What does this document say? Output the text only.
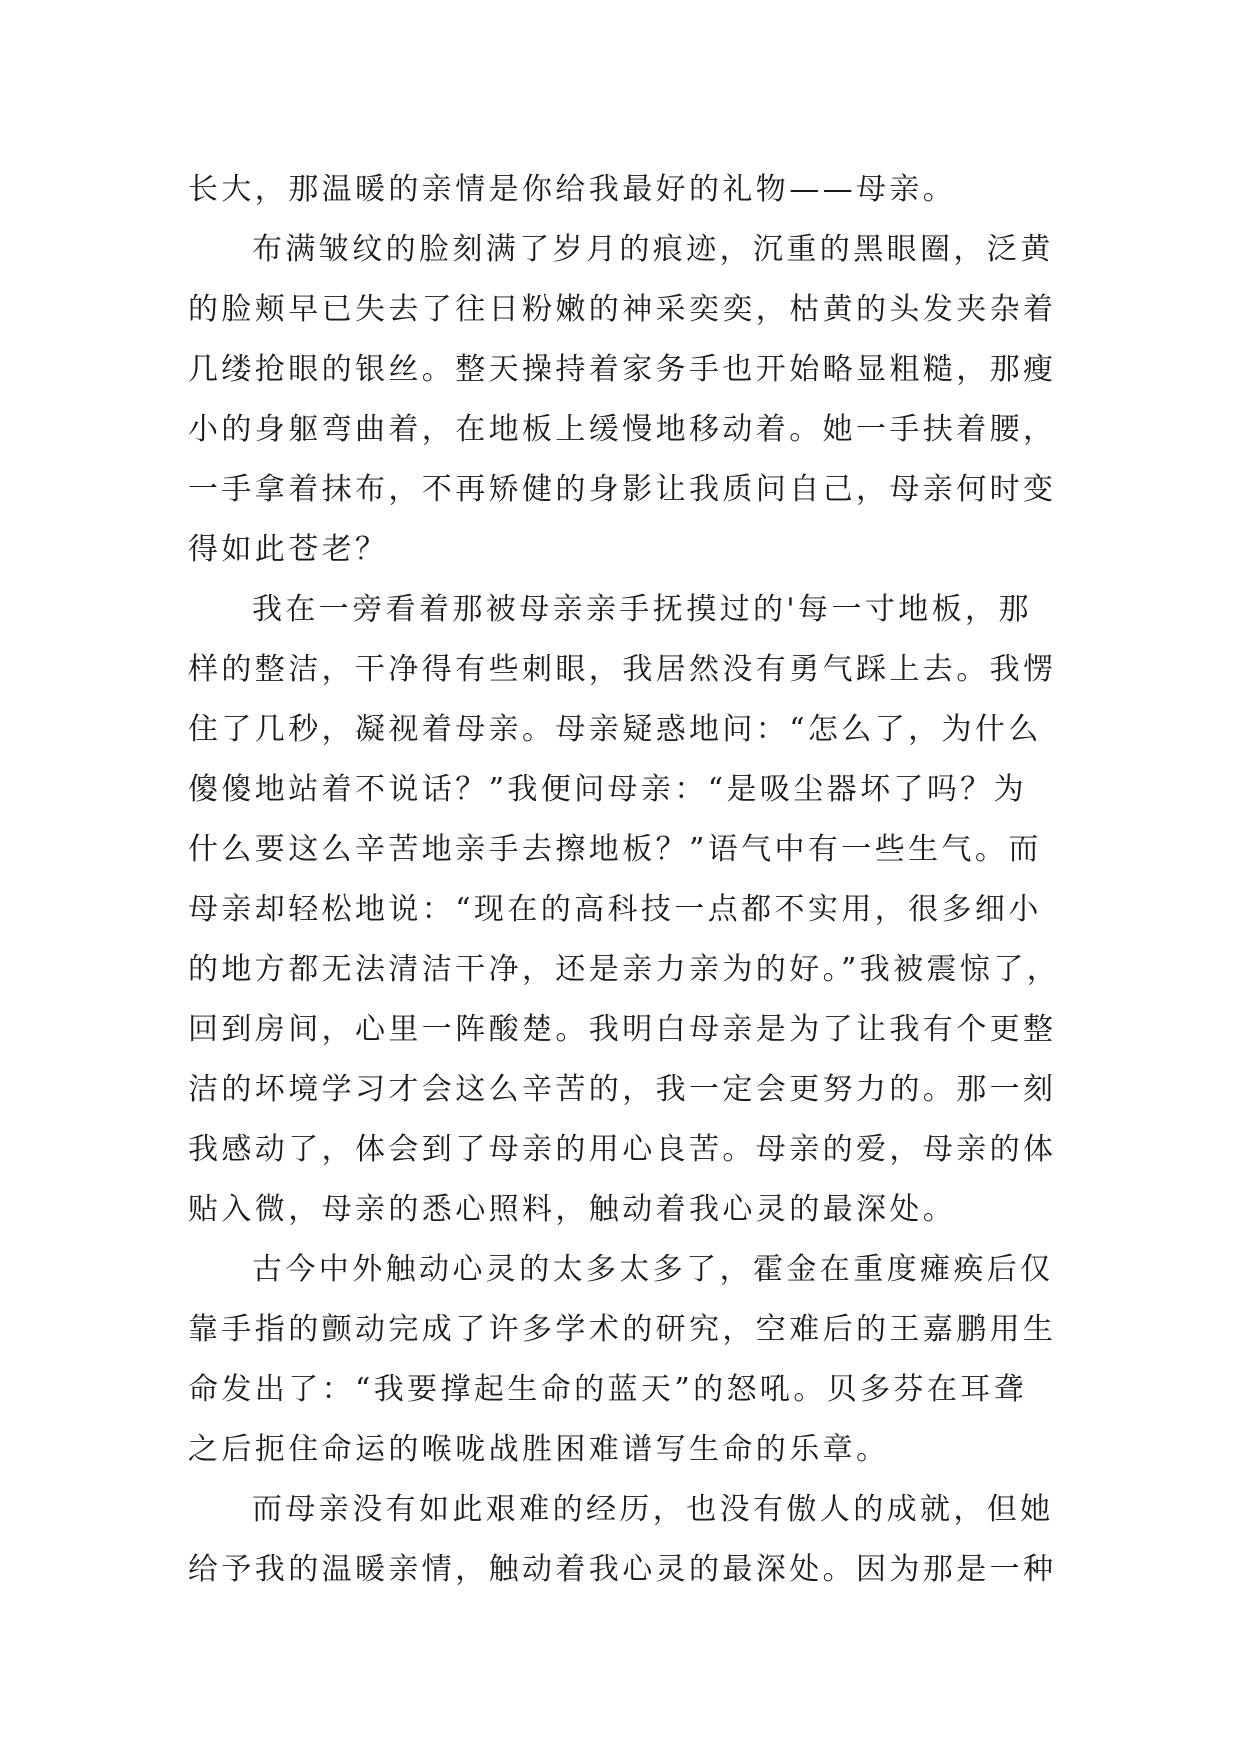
长大，那温暖的亲情是你给我最好的礼物——母亲。
布满皱纹的脸刻满了岁月的痕迹，沉重的黑眼圈，泛黄
的脸颊早已失去了往日粉嫩的神采奕奕，枯黄的头发夹杂着
几缕抢眼的银丝。整天操持着家务手也开始略显粗糙，那瘦
小的身躯弯曲着，在地板上缓慢地移动着。她一手扶着腰，
一手拿着抹布，不再矫健的身影让我质问自己，母亲何时变
得如此苍老？
我在一旁看着那被母亲亲手抚摸过的'每一寸地板，那
样的整洁，干净得有些刺眼，我居然没有勇气踩上去。我愣
住了几秒，凝视着母亲。母亲疑惑地问：“怎么了，为什么
傻傻地站着不说话？”我便问母亲：“是吸尘器坏了吗？为
什么要这么辛苦地亲手去擦地板？”语气中有一些生气。而
母亲却轻松地说：“现在的高科技一点都不实用，很多细小
的地方都无法清洁干净，还是亲力亲为的好。”我被震惊了，
回到房间，心里一阵酸楚。我明白母亲是为了让我有个更整
洁的坏境学习才会这么辛苦的，我一定会更努力的。那一刻
我感动了，体会到了母亲的用心良苦。母亲的爱，母亲的体
贴入微，母亲的悉心照料，触动着我心灵的最深处。
古今中外触动心灵的太多太多了，霍金在重度瘫痪后仅
靠手指的颤动完成了许多学术的研究，空难后的王嘉鹏用生
命发出了：“我要撑起生命的蓝天”的怒吼。贝多芬在耳聋
之后扼住命运的喉咙战胜困难谱写生命的乐章。
而母亲没有如此艰难的经历，也没有傲人的成就，但她
给予我的温暖亲情，触动着我心灵的最深处。因为那是一种
